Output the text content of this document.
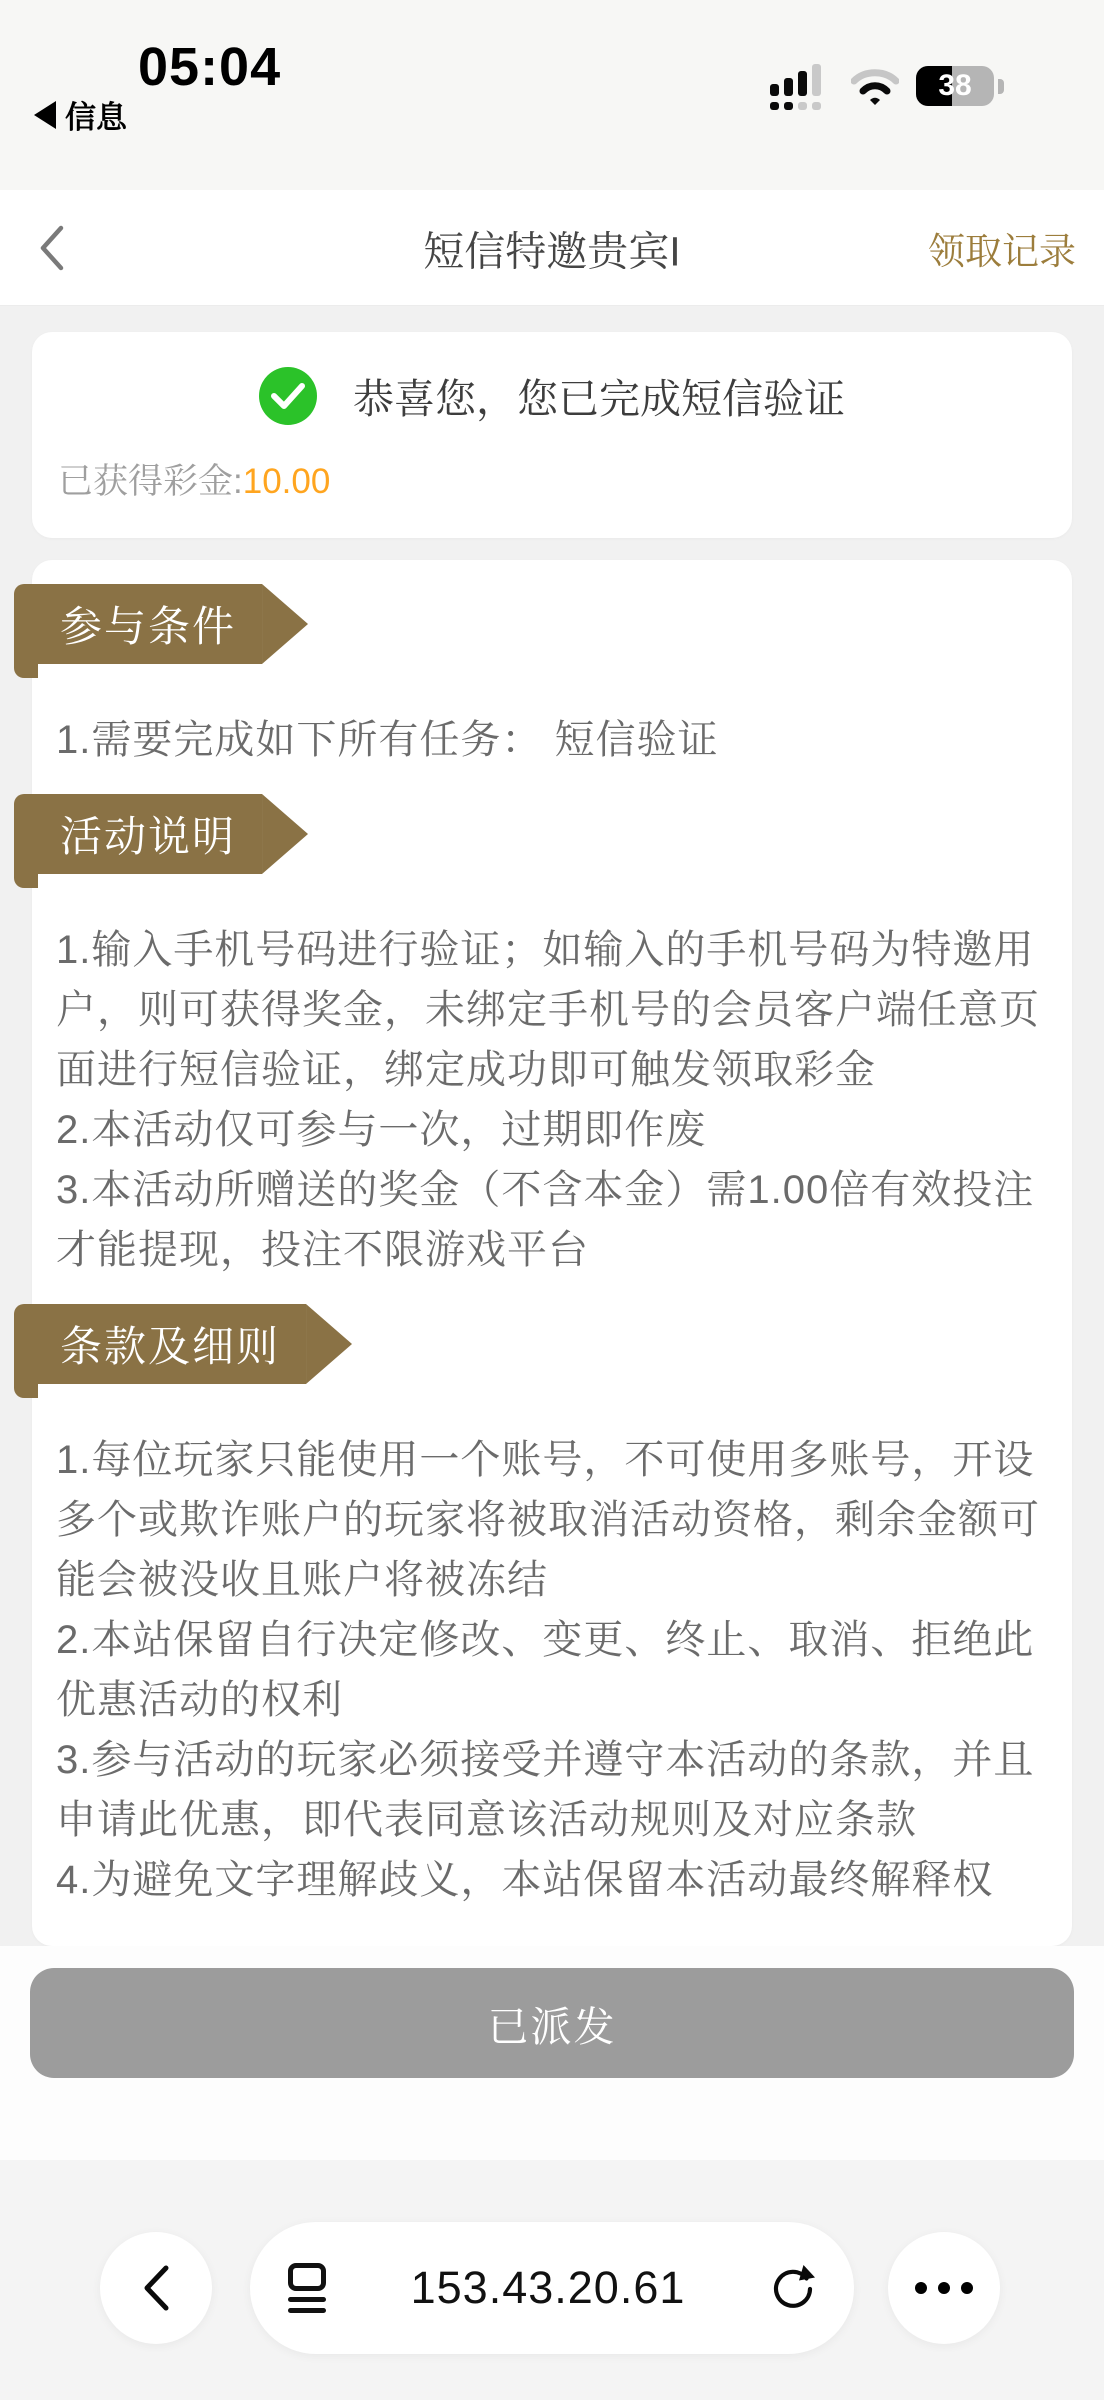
05:04
信息
38
短信特邀贵宾I	领取记录
恭喜您，您已完成短信验证
已获得彩金:10.00
参与条件

1.需要完成如下所有任务： 短信验证

活动说明

1.输入手机号码进行验证；如输入的手机号码为特邀用户，则可获得奖金，未绑定手机号的会员客户端任意页面进行短信验证，绑定成功即可触发领取彩金

2.本活动仅可参与一次，过期即作废

3.本活动所赠送的奖金（不含本金）需1.00倍有效投注才能提现，投注不限游戏平台

条款及细则

1.每位玩家只能使用一个账号，不可使用多账号，开设多个或欺诈账户的玩家将被取消活动资格，剩余金额可能会被没收且账户将被冻结

2.本站保留自行决定修改、变更、终止、取消、拒绝此优惠活动的权利

3.参与活动的玩家必须接受并遵守本活动的条款，并且申请此优惠，即代表同意该活动规则及对应条款

4.为避免文字理解歧义，本站保留本活动最终解释权

已派发
153.43.20.61
